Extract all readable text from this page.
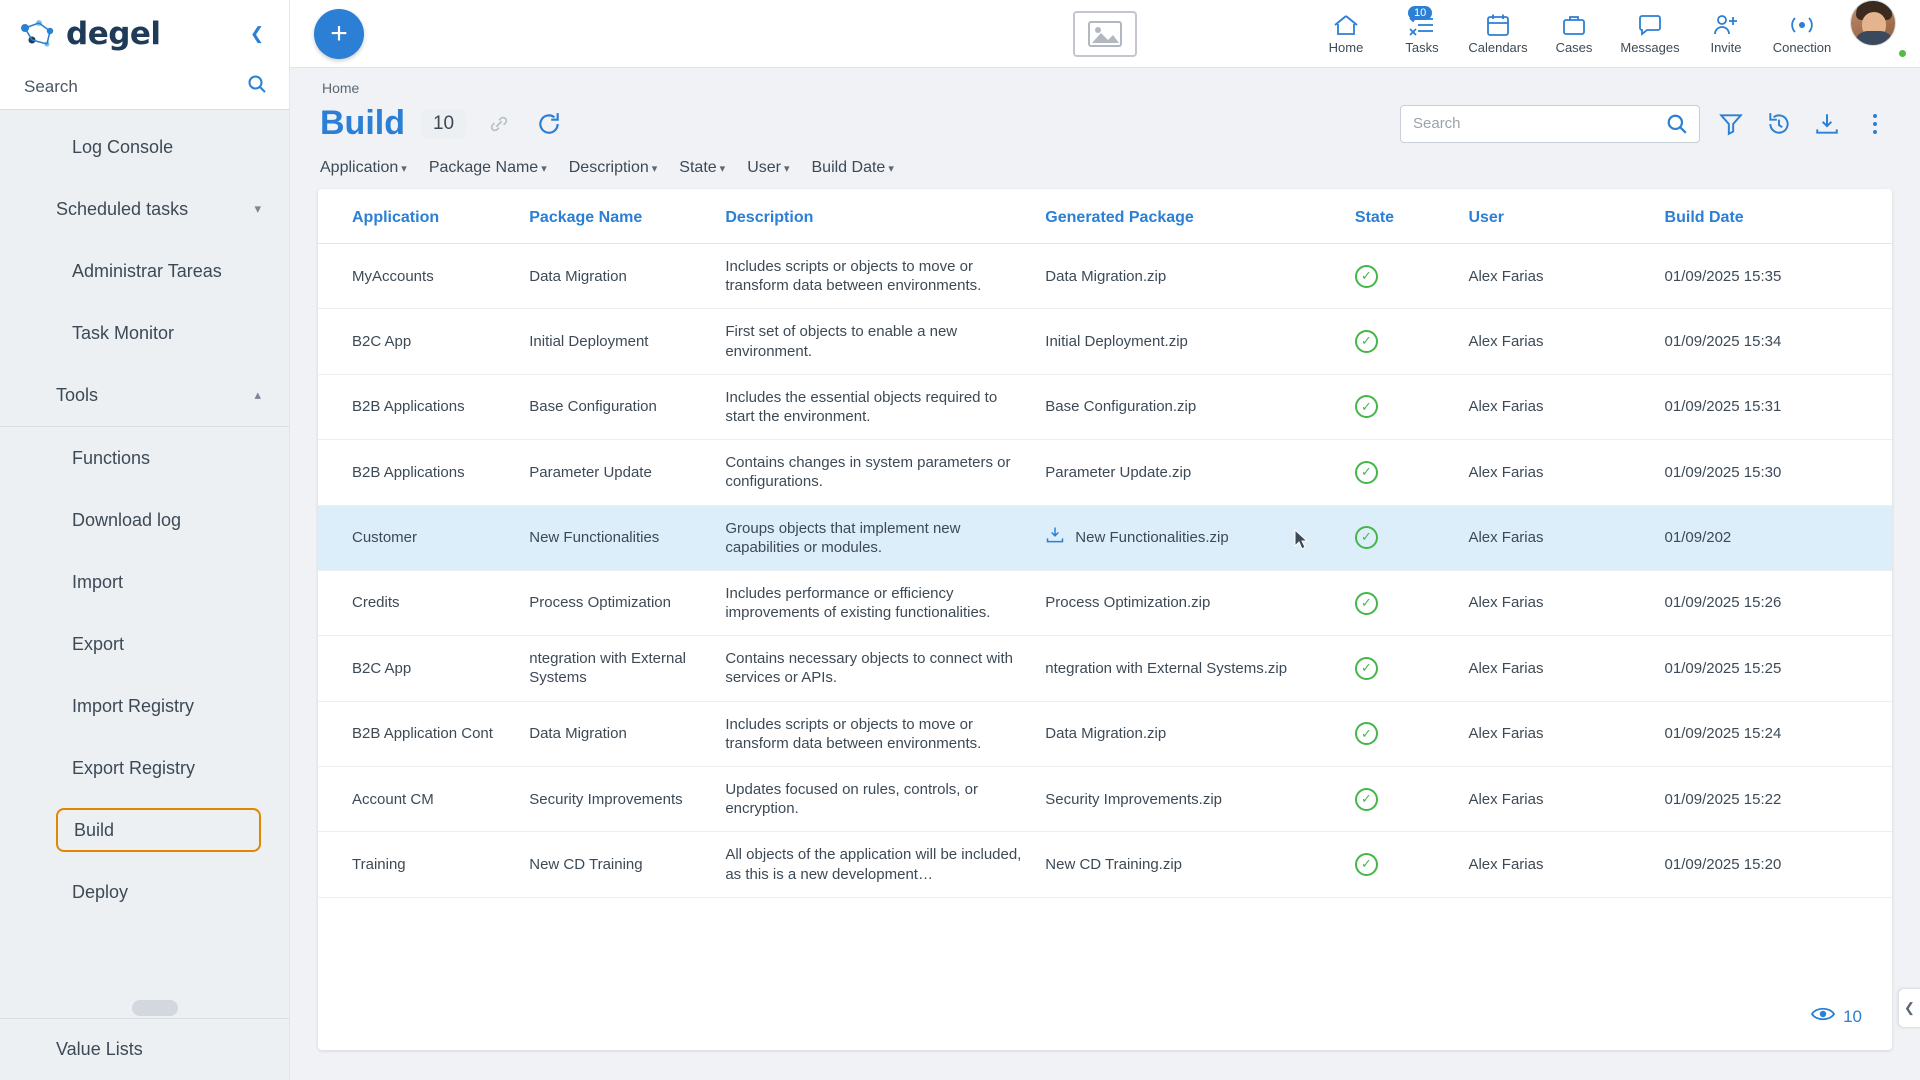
degel	❮
Search
Log Console
Scheduled tasks	▾
Administrar Tareas
Task Monitor
Tools	▴
Functions
Download log
Import
Export
Import Registry
Export Registry
Build
Deploy
Value Lists
+	Home
10
Tasks Calendars Cases Messages Invite Conection
Home
Build	10
Search
Application ▾ Package Name ▾ Description ▾ State ▾ User ▾ Build Date ▾
Application	Package Name	Description	Generated Package	State	User	Build Date
MyAccounts	Data Migration	Includes scripts or objects to move or transform data between environments.	Data Migration.zip	✓	Alex Farias	01/09/2025 15:35
B2C App	Initial Deployment	First set of objects to enable a new environment.	Initial Deployment.zip	✓	Alex Farias	01/09/2025 15:34
B2B Applications	Base Configuration	Includes the essential objects required to start the environment.	Base Configuration.zip	✓	Alex Farias	01/09/2025 15:31
B2B Applications	Parameter Update	Contains changes in system parameters or configurations.	Parameter Update.zip	✓	Alex Farias	01/09/2025 15:30
Customer	New Functionalities	Groups objects that implement new capabilities or modules.	New Functionalities.zip	✓	Alex Farias	01/09/202
Credits	Process Optimization	Includes performance or efficiency improvements of existing functionalities.	Process Optimization.zip	✓	Alex Farias	01/09/2025 15:26
B2C App	ntegration with External Systems	Contains necessary objects to connect with services or APIs.	ntegration with External Systems.zip	✓	Alex Farias	01/09/2025 15:25
B2B Application Cont	Data Migration	Includes scripts or objects to move or transform data between environments.	Data Migration.zip	✓	Alex Farias	01/09/2025 15:24
Account CM	Security Improvements	Updates focused on rules, controls, or encryption.	Security Improvements.zip	✓	Alex Farias	01/09/2025 15:22
Training	New CD Training	All objects of the application will be included, as this is a new development…	New CD Training.zip	✓	Alex Farias	01/09/2025 15:20
10	❮
